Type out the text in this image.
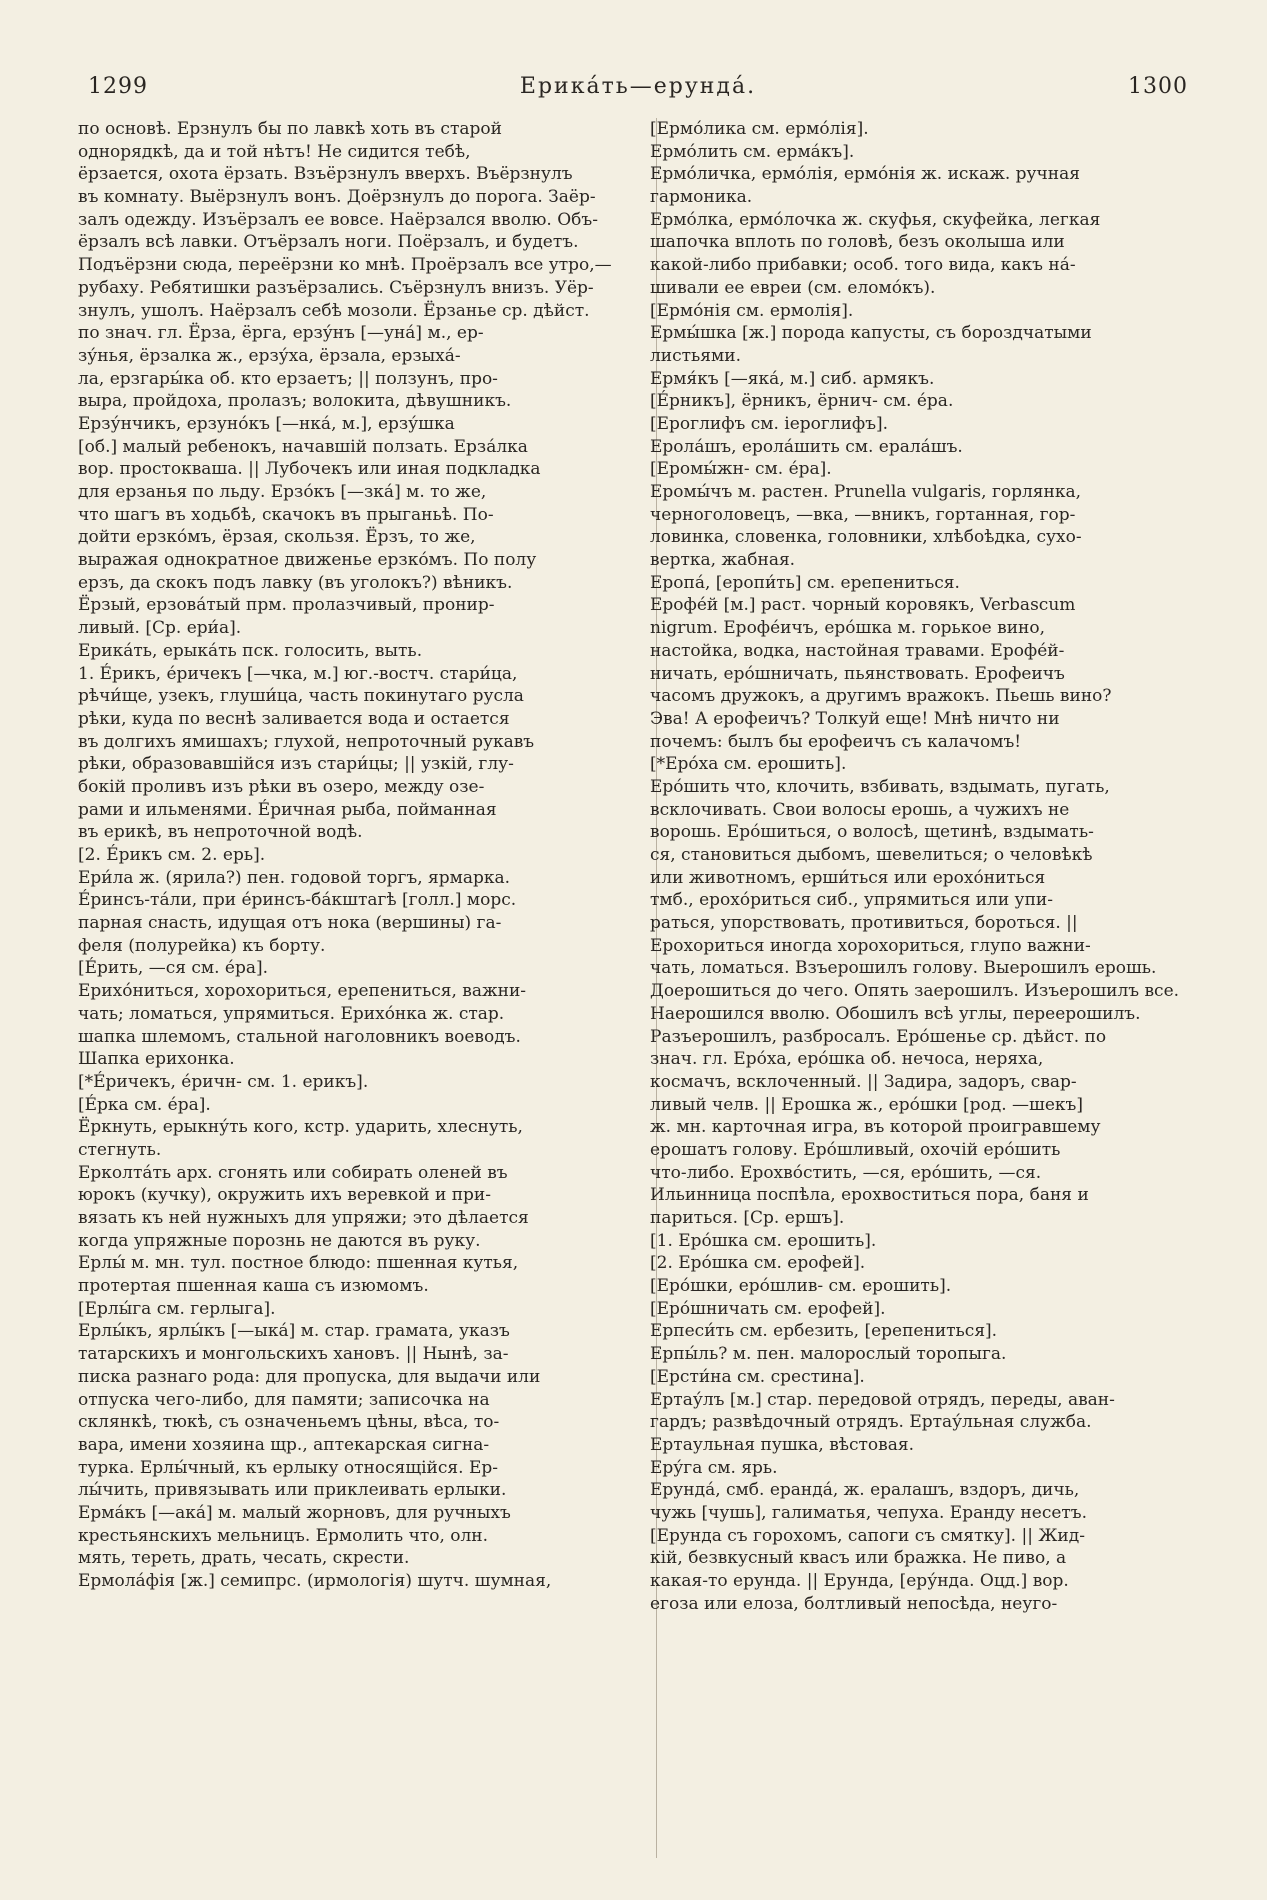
1299	Ерика́ть—ерунда́.	1300
по основѣ. Ерзнулъ бы по лавкѣ хоть въ старой
однорядкѣ, да и той нѣтъ! Не сидится тебѣ,
ёрзается, охота ёрзать. Взъёрзнулъ вверхъ. Въёрзнулъ
въ комнату. Выёрзнулъ вонъ. Доёрзнулъ до порога. Заёр-
залъ одежду. Изъёрзалъ ее вовсе. Наёрзался вволю. Объ-
ёрзалъ всѣ лавки. Отъёрзалъ ноги. Поёрзалъ, и будетъ.
Подъёрзни сюда, переёрзни ко мнѣ. Проёрзалъ все утро,—
рубаху. Ребятишки разъёрзались. Съёрзнулъ внизъ. Уёр-
знулъ, ушолъ. Наёрзалъ себѣ мозоли. Ёрзанье ср. дѣйст.
по знач. гл. Ёрза, ёрга, ерзу́нъ [—уна́] м., ер-
зу́нья, ёрзалка ж., ерзу́ха, ёрзала, ерзыха́-
ла, ерзгары́ка об. кто ерзаетъ; || ползунъ, про-
выра, пройдоха, пролазъ; волокита, дѣвушникъ.
Ерзу́нчикъ, ерзуно́къ [—нка́, м.], ерзу́шка
[об.] малый ребенокъ, начавшій ползать. Ерза́лка
вор. простокваша. || Лубочекъ или иная подкладка
для ерзанья по льду. Ерзо́къ [—зка́] м. то же,
что шагъ въ ходьбѣ, скачокъ въ прыганьѣ. По-
дойти ерзко́мъ, ёрзая, скользя. Ёрзъ, то же,
выражая однократное движенье ерзко́мъ. По полу
ерзъ, да скокъ подъ лавку (въ уголокъ?) вѣникъ.
Ёрзый, ерзова́тый прм. пролазчивый, пронир-
ливый. [Ср. ери́а].
Ерика́ть, ерыка́ть пск. голосить, выть.
1. Е́рикъ, е́ричекъ [—чка, м.] юг.-востч. стари́ца,
рѣчи́ще, узекъ, глуши́ца, часть покинутаго русла
рѣки, куда по веснѣ заливается вода и остается
въ долгихъ ямишахъ; глухой, непроточный рукавъ
рѣки, образовавшійся изъ стари́цы; || узкій, глу-
бокій проливъ изъ рѣки въ озеро, между озе-
рами и ильменями. Е́ричная рыба, пойманная
въ ерикѣ, въ непроточной водѣ.
[2. Е́рикъ см. 2. ерь].
Ери́ла ж. (ярила?) пен. годовой торгъ, ярмарка.
Е́ринсъ-та́ли, при е́ринсъ-ба́кштагѣ [голл.] морс.
парная снасть, идущая отъ нока (вершины) га-
феля (полурейка) къ борту.
[Е́рить, —ся см. е́ра].
Ерихо́ниться, хорохориться, ерепениться, важни-
чать; ломаться, упрямиться. Ерихо́нка ж. стар.
шапка шлемомъ, стальной наголовникъ воеводъ.
Шапка ерихонка.
[*Е́ричекъ, е́ричн- см. 1. ерикъ].
[Е́рка см. е́ра].
Ёркнуть, ерыкну́ть кого, кстр. ударить, хлеснуть,
стегнуть.
Ерколта́ть арх. сгонять или собирать оленей въ
юрокъ (кучку), окружить ихъ веревкой и при-
вязать къ ней нужныхъ для упряжи; это дѣлается
когда упряжные порознь не даются въ руку.
Ерлы́ м. мн. тул. постное блюдо: пшенная кутья,
протертая пшенная каша съ изюмомъ.
[Ерлы́га см. герлыга].
Ерлы́къ, ярлы́къ [—ыка́] м. стар. грамата, указъ
татарскихъ и монгольскихъ хановъ. || Нынѣ, за-
писка разнаго рода: для пропуска, для выдачи или
отпуска чего-либо, для памяти; записочка на
склянкѣ, тюкѣ, съ означеньемъ цѣны, вѣса, то-
вара, имени хозяина щр., аптекарская сигна-
турка. Ерлы́чный, къ ерлыку относящійся. Ер-
лы́чить, привязывать или приклеивать ерлыки.
Ерма́къ [—ака́] м. малый жорновъ, для ручныхъ
крестьянскихъ мельницъ. Ермолить что, олн.
мять, тереть, драть, чесать, скрести.
Ермола́фія [ж.] семипрс. (ирмологія) шутч. шумная,
[Ермо́лика см. ермо́лія].
Ермо́лить см. ерма́къ].
Ермо́личка, ермо́лія, ермо́нія ж. искаж. ручная
гармоника.
Ермо́лка, ермо́лочка ж. скуфья, скуфейка, легкая
шапочка вплоть по головѣ, безъ околыша или
какой-либо прибавки; особ. того вида, какъ на́-
шивали ее евреи (см. еломо́къ).
[Ермо́нія см. ермолія].
Ермы́шка [ж.] порода капусты, съ бороздчатыми
листьями.
Ермя́къ [—яка́, м.] сиб. армякъ.
[Е́рникъ], ёрникъ, ёрнич- см. е́ра.
[Ероглифъ см. іероглифъ].
Ерола́шъ, ерола́шить см. ерала́шъ.
[Еромы́жн- см. е́ра].
Еромы́чъ м. растен. Prunella vulgaris, горлянка,
черноголовецъ, —вка, —вникъ, гортанная, гор-
ловинка, словенка, головники, хлѣбоѣдка, сухо-
вертка, жабная.
Еропа́, [еропи́ть] см. ерепениться.
Ерофе́й [м.] раст. чорный коровякъ, Verbascum
nigrum. Ерофе́ичъ, еро́шка м. горькое вино,
настойка, водка, настойная травами. Ерофе́й-
ничать, еро́шничать, пьянствовать. Ерофеичъ
часомъ дружокъ, а другимъ вражокъ. Пьешь вино?
Эва! А ерофеичъ? Толкуй еще! Мнѣ ничто ни
почемъ: былъ бы ерофеичъ съ калачомъ!
[*Еро́ха см. ерошить].
Еро́шить что, клочить, взбивать, вздымать, пугать,
всклочивать. Свои волосы ерошь, а чужихъ не
ворошь. Еро́шиться, о волосѣ, щетинѣ, вздымать-
ся, становиться дыбомъ, шевелиться; о человѣкѣ
или животномъ, ерши́ться или ерохо́ниться
тмб., ерохо́риться сиб., упрямиться или упи-
раться, упорствовать, противиться, бороться. ||
Ерохориться иногда хорохориться, глупо важни-
чать, ломаться. Взъерошилъ голову. Выерошилъ ерошь.
Доерошиться до чего. Опять заерошилъ. Изъерошилъ все.
Наерошился вволю. Обошилъ всѣ углы, переерошилъ.
Разъерошилъ, разбросалъ. Еро́шенье ср. дѣйст. по
знач. гл. Еро́ха, еро́шка об. нечоса, неряха,
космачъ, всклоченный. || Задира, задоръ, свар-
ливый челв. || Ерошка ж., еро́шки [род. —шекъ]
ж. мн. карточная игра, въ которой проигравшему
ерошатъ голову. Еро́шливый, охочій еро́шить
что-либо. Ерохво́стить, —ся, еро́шить, —ся.
Ильинница поспѣла, ерохвоститься пора, баня и
париться. [Ср. ершъ].
[1. Еро́шка см. ерошить].
[2. Еро́шка см. ерофей].
[Еро́шки, еро́шлив- см. ерошить].
[Еро́шничать см. ерофей].
Ерпеси́ть см. ербезить, [ерепениться].
Ерпы́ль? м. пен. малорослый торопыга.
[Ерсти́на см. срестина].
Ертау́лъ [м.] стар. передовой отрядъ, переды, аван-
гардъ; развѣдочный отрядъ. Ертау́льная служба.
Ертаульная пушка, вѣстовая.
Еру́га см. ярь.
Ерунда́, смб. еранда́, ж. ералашъ, вздоръ, дичь,
чужь [чушь], галиматья, чепуха. Еранду несетъ.
[Ерунда съ горохомъ, сапоги съ смятку]. || Жид-
кій, безвкусный квасъ или бражка. Не пиво, а
какая-то ерунда. || Ерунда, [еру́нда. Оцд.] вор.
егоза или елоза, болтливый непосѣда, неуго-
